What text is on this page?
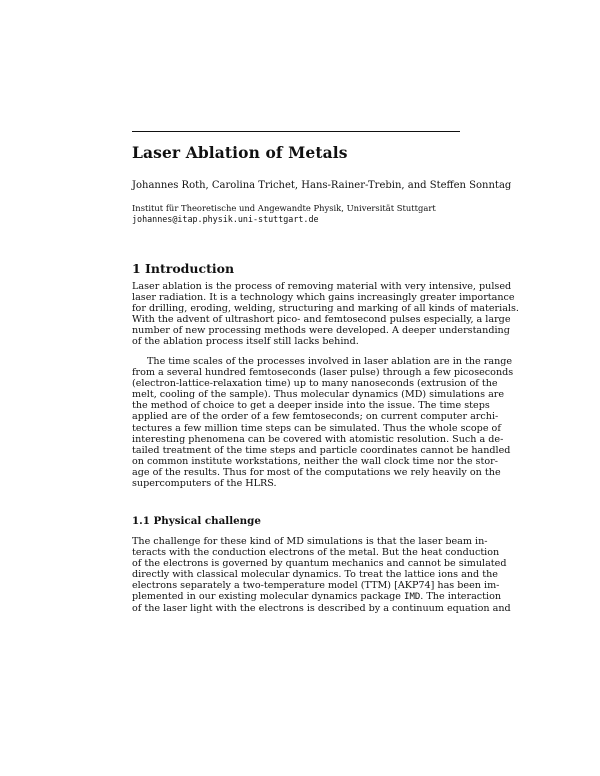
Laser Ablation of Metals
Johannes Roth, Carolina Trichet, Hans-Rainer-Trebin, and Steffen Sonntag
Institut für Theoretische und Angewandte Physik, Universität Stuttgart
johannes@itap.physik.uni-stuttgart.de
1 Introduction
Laser ablation is the process of removing material with very intensive, pulsed
laser radiation. It is a technology which gains increasingly greater importance
for drilling, eroding, welding, structuring and marking of all kinds of materials.
With the advent of ultrashort pico- and femtosecond pulses especially, a large
number of new processing methods were developed. A deeper understanding
of the ablation process itself still lacks behind.
The time scales of the processes involved in laser ablation are in the range
from a several hundred femtoseconds (laser pulse) through a few picoseconds
(electron-lattice-relaxation time) up to many nanoseconds (extrusion of the
melt, cooling of the sample). Thus molecular dynamics (MD) simulations are
the method of choice to get a deeper inside into the issue. The time steps
applied are of the order of a few femtoseconds; on current computer archi-
tectures a few million time steps can be simulated. Thus the whole scope of
interesting phenomena can be covered with atomistic resolution. Such a de-
tailed treatment of the time steps and particle coordinates cannot be handled
on common institute workstations, neither the wall clock time nor the stor-
age of the results. Thus for most of the computations we rely heavily on the
supercomputers of the HLRS.
1.1 Physical challenge
The challenge for these kind of MD simulations is that the laser beam in-
teracts with the conduction electrons of the metal. But the heat conduction
of the electrons is governed by quantum mechanics and cannot be simulated
directly with classical molecular dynamics. To treat the lattice ions and the
electrons separately a two-temperature model (TTM) [AKP74] has been im-
plemented in our existing molecular dynamics package IMD. The interaction
of the laser light with the electrons is described by a continuum equation and
